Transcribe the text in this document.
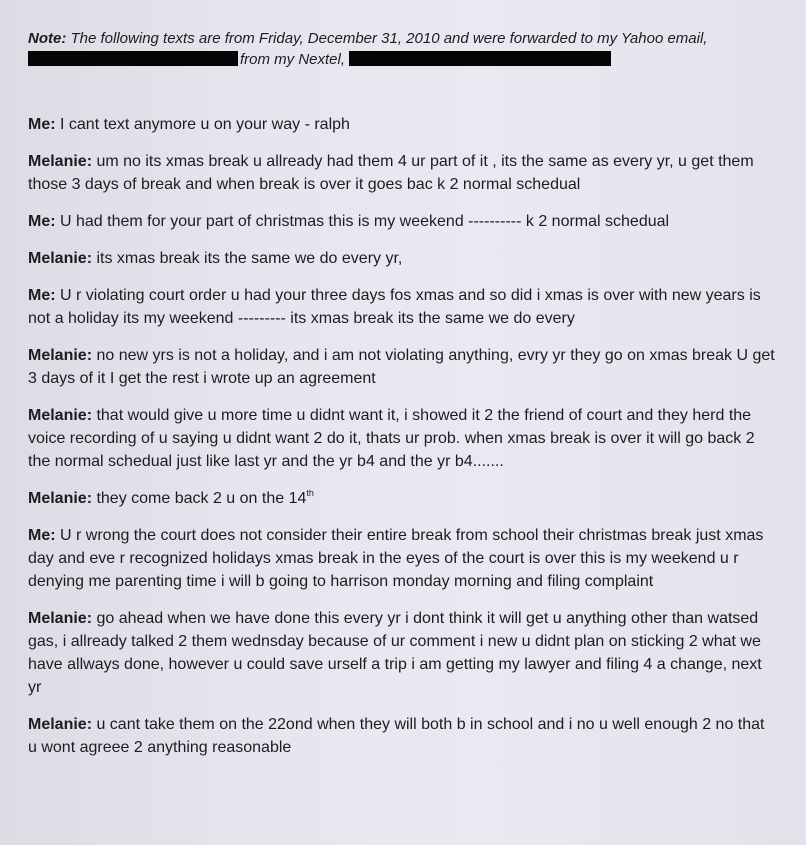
Note: The following texts are from Friday, December 31, 2010 and were forwarded to my Yahoo email,
from my Nextel,

Me: I cant text anymore u on your way - ralph

Melanie: um no its xmas break u allready had them 4 ur part of it , its the same as every yr, u get them those 3 days of break and when break is over it goes bac k 2 normal schedual

Me: U had them for your part of christmas this is my weekend ---------- k 2 normal schedual

Melanie: its xmas break its the same we do every yr,

Me: U r violating court order u had your three days fos xmas and so did i xmas is over with new years is not a holiday its my weekend --------- its xmas break its the same we do every

Melanie: no new yrs is not a holiday, and i am not violating anything, evry yr they go on xmas break U get 3 days of it I get the rest i wrote up an agreement

Melanie: that would give u more time u didnt want it, i showed it 2 the friend of court and they herd the voice recording of u saying u didnt want 2 do it, thats ur prob. when xmas break is over it will go back 2 the normal schedual just like last yr and the yr b4 and the yr b4.......

Melanie: they come back 2 u on the 14th

Me: U r wrong the court does not consider their entire break from school their christmas break just xmas day and eve r recognized holidays xmas break in the eyes of the court is over this is my weekend u r denying me parenting time i will b going to harrison monday morning and filing complaint

Melanie: go ahead when we have done this every yr i dont think it will get u anything other than watsed gas, i allready talked 2 them wednsday because of ur comment i new u didnt plan on sticking 2 what we have allways done, however u could save urself a trip i am getting my lawyer and filing 4 a change, next yr

Melanie: u cant take them on the 22ond when they will both b in school and i no u well enough 2 no that u wont agreee 2 anything reasonable
